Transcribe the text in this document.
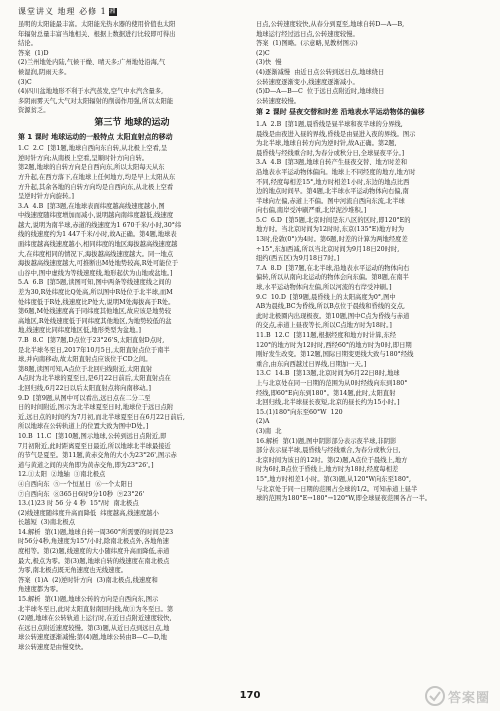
课堂讲义 地理 必修 1 湘

虽明的太阳能最丰富。太阳能光热水器的使用价值也太阳

年辐射总量丰富当地相关、根据上数据进行比较即可得出

结论。

答案  (1)D

(2)兰州地处内陆,气候干燥、晴天多;广州地处沿海,气

候湿润,阴雨天多。

(3)C

(4)四川盆地地形不利于水汽蒸发,空气中水汽含量多,

多阴雨雾天气,大气对太阳辐射的削弱作用强,所以太阳能

资源贫乏。

第三节 地球的运动
第 1 课时 地球运动的一般特点 太阳直射点的移动

1.C  2.C  [第1题,地球自西向东自转,从北极上空看,呈

逆时针方向;从南极上空看,呈顺时针方向自转。

第2题,地球的自转方向是自西向东,所以太阳每天从东

方升起,在西方落下,在地球上任何地方,均是早上太阳从东

方升起,其余各地的自转方向均是自西向东,从北极上空看

呈逆时针方向旋转。]

3.A  4.B  [第3题,在地球表面纬度越高线速度越小,图

中线速度随纬度增加而减小,说明越向南纬度越低,线速度

越大,说明为南半球,赤道的线速度为1 670千米/小时,30°纬

线的线速度约为1 447千米/小时,故A正确。第4题,地球表

面纬度越高线速度越小,相同纬度的地区海拔越高线速度越

大,在纬度相同的情况下,海拔越高线速度越大。同一地点

海拔越高线速度越大,可推断出M处地势较高,R处可能位于

山谷中,图中虚线为等线速度线,地形起伏为山地或盆地。]

5.A  6.B  [第5题,读图可知,图中两条等线速度线之间的

差为30,R处纬度比Q处高,所以图中R处位于北半球,而M

处纬度低于R处,线速度比P处大,说明M处海拔高于R处。

第6题,M处线速度高于同纬度其他地区,故应该是地势较

高地区,R处线速度低于同纬度其他地区,为地势较低的盆

地,线速度比同纬度地区低,地形类型为盆地。]

7.B  8.C  [第7题,D点位于23°26'S,太阳直射D点时,

是北半球冬至日,2017年10月5日,太阳直射点位于南半

球,并向南移动,故太阳直射点应该位于CD之间。

第8题,读图可知,A点位于北回归线附近,太阳直射

A点时为北半球的夏至日,是6月22日前后,太阳直射点在

北回归线,6月22日以后太阳直射点将向南移动。]

9.D  [第9题,从图中可以看出,远日点在二分二至

日的时间附近,图示为北半球夏至日时,地球位于远日点附

近,远日点的时间约为7月初,而北半球夏至日在6月22日前后,

所以地球在公转轨道上的位置大致为图中D处。]

10.B  11.C  [第10题,图示地球,公转到远日点附近,即

7月初附近,此时距离夏至日最近,所以地球北半球最接近

的节气是夏至。第11题,黄赤交角的大小为23°26',图示赤

道与黄道之间的夹角即为黄赤交角,即为23°26'。]

12.①太阳  ②地轴  ③南北极点

④自西向东  ⑤一个恒星日  ⑥一个太阳日

⑦自西向东  ⑧365日6时9分10秒  ⑨23°26'

13.(1)23 时 56 分 4 秒  15°/时  南北极点

(2)线速度随纬度升高而降低  纬度越高,线速度越小

长越短  (3)南北极点

14.解析  第(1)题,地球自转一周360°所需要的时间是23

时56分4秒,角速度为15°/小时,除南北极点外,各地角速

度相等。第(2)题,线速度的大小随纬度升高而降低,赤道

最大,极点为零。第(3)题,地球自转的线速度在南北极点

为零,南北极点既无角速度也无线速度。

答案  (1)A  (2)逆时针方向  (3)南北极点,线速度和

角速度都为零。

15.解析  第(1)题,地球公转的方向是自西向东,图示

北半球冬至日,此时太阳直射南回归线,故①为冬至日。第

(2)题,地球在公转轨道上运行时,在近日点附近速度较快,

在远日点附近速度较慢。第(3)题,从近日点到远日点,地

球公转速度逐渐减慢;第(4)题,地球公转由B—C—D,地

球公转速度是由慢变快。

日点,公转速度较快,从春分到夏至,地球自转D—A—B,

地球运行经过远日点,公转速度较慢。

答案  (1)图略。(示意略,见教材图示)

(2)C

(3)快  慢

(4)逐渐减慢  由近日点公转到远日点,地球绕日

公转速度逐渐变小,线速度逐渐减小。

(5)D—A—B—C  位于远日点附近时,地球绕日

公转速度较慢。

第 2 课时 昼夜交替和时差 沿地表水平运动物体的偏移

1.A  2.B  [第1题,晨昏线是昼半球和夜半球的分界线,

晨线是由夜进入昼的界线,昏线是由昼进入夜的界线。图示

为北半球,地球自转方向为逆时针,故A正确。第2题,

晨昏线与经线重合时,为春分或秋分日,全球昼夜平分。]

3.A  4.B  [第3题,地球自转产生昼夜交替、地方时差和

沿地表水平运动物体偏向。地球上不同经度的地方,地方时

不同,经度每相差15°,地方时相差1小时,东边的地点比西

边的地点时间早。第4题,北半球水平运动物体向右偏,南

半球向左偏,赤道上不偏。图中河流自西向东流,北半球

向右偏,南岸受冲刷严重,北岸泥沙堆积。]

5.C  6.D  [第5题,北京时间是东八区的区时,即120°E的

地方时。当北京时间为12时时,东京(135°E)地方时为

13时,伦敦(0°)为4时。第6题,时差的计算为两地经度差

÷15°,东加西减,所以当北京时间为9月18日20时时,

纽约(西五区)为9月18日7时。]

7.A  8.D  [第7题,在北半球,沿地表水平运动的物体向右

偏转,所以从南向北运动的物体会向东偏。第8题,在南半

球,水平运动物体向左偏,所以河流的右岸受冲刷。]

9.C  10.D  [第9题,晨昏线上的太阳高度为0°,图中

AB为晨线,BC为昏线,所以B点位于晨线和昏线的交点,

此时北极圈内出现极夜。第10题,图中C点为昏线与赤道

的交点,赤道上昼夜等长,所以C点地方时为18时。]

11.B  12.C  [第11题,根据经度和地方时计算,东经

120°的地方时为12时时,西经60°的地方时为0时,即日期

刚好发生改变。第12题,国际日期变更线大致与180°经线

重合,由东向西越过日界线,日期加一天。]

13.C  14.B  [第13题,北京时间为6月22日8时,地球

上与北京处在同一日期的范围为从0时经线向东到180°

经线,即60°E向东到180°。第14题,此时,太阳直射

北回归线,北半球昼长夜短,北京的昼长约为15小时。]

15.(1)180°向东至60°W  120

(2)A

(3)南  北

16.解析  第(1)题,图中阴影部分表示夜半球,非阴影

部分表示昼半球,晨昏线与经线重合,为春分或秋分日,

北京时间为该日的12时。第(2)题,A点位于晨线上,地方

时为6时,B点位于昏线上,地方时为18时,经度每相差

15°,地方时相差1小时。第(3)题,从120°W向东至180°,

与北京处于同一日期的范围占全球的1/2。可知赤道上昼半

球的范围为180°E→180°→120°W,即全球昼夜范围各占一半。

170	答案圈
